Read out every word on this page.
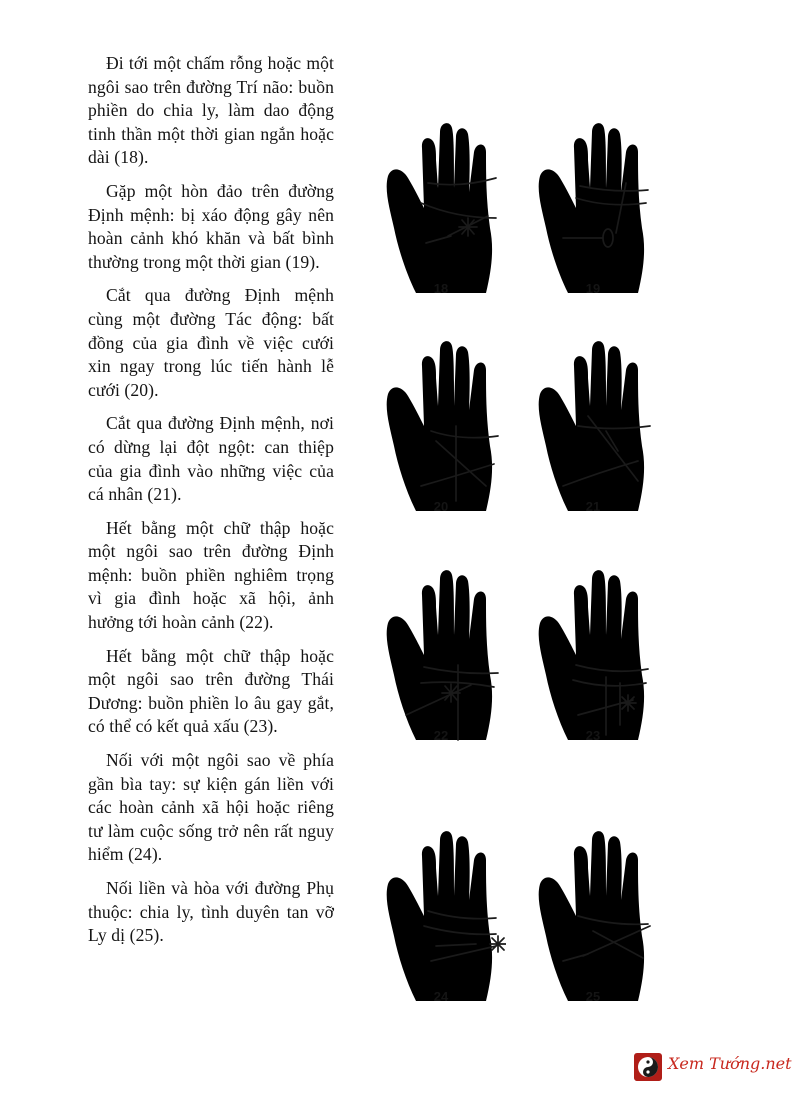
Đi tới một chấm rỗng hoặc một ngôi sao trên đường Trí não: buồn phiền do chia ly, làm dao động tinh thần một thời gian ngắn hoặc dài (18).

Gặp một hòn đảo trên đường Định mệnh: bị xáo động gây nên hoàn cảnh khó khăn và bất bình thường trong một thời gian (19).

Cắt qua đường Định mệnh cùng một đường Tác động: bất đồng của gia đình về việc cưới xin ngay trong lúc tiến hành lễ cưới (20).

Cắt qua đường Định mệnh, nơi có dừng lại đột ngột: can thiệp của gia đình vào những việc của cá nhân (21).

Hết bằng một chữ thập hoặc một ngôi sao trên đường Định mệnh: buồn phiền nghiêm trọng vì gia đình hoặc xã hội, ảnh hưởng tới hoàn cảnh (22).

Hết bằng một chữ thập hoặc một ngôi sao trên đường Thái Dương: buồn phiền lo âu gay gắt, có thể có kết quả xấu (23).

Nối với một ngôi sao về phía gần bìa tay: sự kiện gán liền với các hoàn cảnh xã hội hoặc riêng tư làm cuộc sống trở nên rất nguy hiểm (24).

Nối liền và hòa với đường Phụ thuộc: chia ly, tình duyên tan vỡ Ly dị (25).

18	19
20	21
22	23
24	25
Xem Tướng.net
